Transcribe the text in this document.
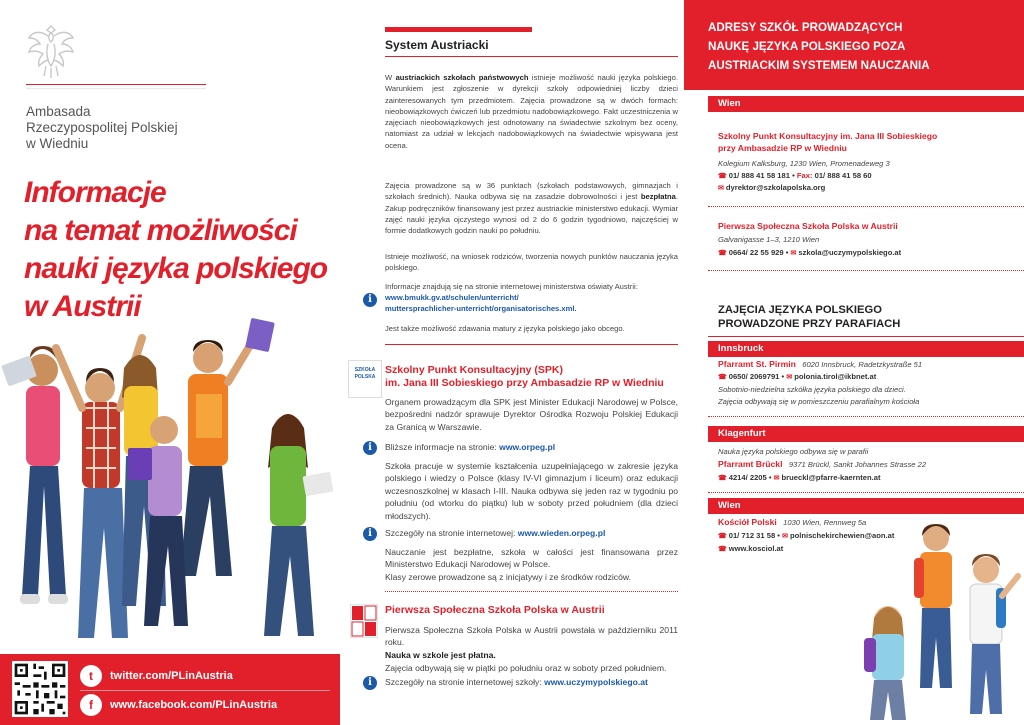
Ambasada
Rzeczypospolitej Polskiej
w Wiedniu
Informacje
na temat możliwości
nauki języka polskiego
w Austrii
t	twitter.com/PLinAustria
f	www.facebook.com/PLinAustria
System Austriacki

W austriackich szkołach państwowych istnieje możliwość nauki języka polskiego. Warunkiem jest zgłoszenie w dyrekcji szkoły odpowiedniej liczby dzieci zainteresowanych tym przedmiotem. Zajęcia prowadzone są w dwóch formach: nieobowiązkowych ćwiczeń lub przedmiotu nadobowiązkowego. Fakt uczestniczenia w zajęciach nieobowiązkowych jest odnotowany na świadectwie szkolnym bez oceny, natomiast za udział w lekcjach nadobowiązkowych na świadectwie wpisywana jest ocena.

Zajęcia prowadzone są w 36 punktach (szkołach podstawowych, gimnazjach i szkołach średnich). Nauka odbywa się na zasadzie dobrowolności i jest bezpłatna. Zakup podręczników finansowany jest przez austriackie ministerstwo edukacji. Wymiar zajęć nauki języka ojczystego wynosi od 2 do 6 godzin tygodniowo, najczęściej w formie dodatkowych godzin nauki po południu.

Istnieje możliwość, na wniosek rodziców, tworzenia nowych punktów nauczania języka polskiego.

Informacje znajdują się na stronie internetowej ministerstwa oświaty Austrii:

i	www.bmukk.gv.at/schulen/unterricht/
muttersprachlicher-unterricht/organisatorisches.xml.

Jest także możliwość zdawania matury z języka polskiego jako obcego.

SZKOŁA POLSKA
Szkolny Punkt Konsultacyjny (SPK)
im. Jana III Sobieskiego przy Ambasadzie RP w Wiedniu

Organem prowadzącym dla SPK jest Minister Edukacji Narodowej w Polsce, bezpośredni nadzór sprawuje Dyrektor Ośrodka Rozwoju Polskiej Edukacji za Granicą w Warszawie.

i	Bliższe informacje na stronie: www.orpeg.pl

Szkoła pracuje w systemie kształcenia uzupełniającego w zakresie języka polskiego i wiedzy o Polsce (klasy IV-VI gimnazjum i liceum) oraz edukacji wczesnoszkolnej w klasach I-III. Nauka odbywa się jeden raz w tygodniu po południu (od wtorku do piątku) lub w soboty przed południem (dla dzieci młodszych).

i	Szczegóły na stronie internetowej: www.wieden.orpeg.pl

Nauczanie jest bezpłatne, szkoła w całości jest finansowana przez Ministerstwo Edukacji Narodowej w Polsce.

Klasy zerowe prowadzone są z inicjatywy i ze środków rodziców.

Pierwsza Społeczna Szkoła Polska w Austrii

Pierwsza Społeczna Szkoła Polska w Austrii powstała w październiku 2011 roku.

Nauka w szkole jest płatna.

Zajęcia odbywają się w piątki po południu oraz w soboty przed południem.

i	Szczegóły na stronie internetowej szkoły: www.uczymypolskiego.at

ADRESY SZKÓŁ PROWADZĄCYCH
NAUKĘ JĘZYKA POLSKIEGO POZA
AUSTRIACKIM SYSTEMEM NAUCZANIA
Wien
Szkolny Punkt Konsultacyjny im. Jana III Sobieskiego
przy Ambasadzie RP w Wiedniu
Kolegium Kalksburg, 1230 Wien, Promenadeweg 3
☎ 01/ 888 41 58 181 • Fax: 01/ 888 41 58 60
✉ dyrektor@szkolapolska.org
Pierwsza Społeczna Szkoła Polska w Austrii
Galvanigasse 1–3, 1210 Wien
☎ 0664/ 22 55 929 • ✉ szkola@uczymypolskiego.at
ZAJĘCIA JĘZYKA POLSKIEGO
PROWADZONE PRZY PARAFIACH
Innsbruck
Pfarramt St. Pirmin 6020 Innsbruck, Radetzkystraße 51
☎ 0650/ 2069791 • ✉ polonia.tirol@ikbnet.at
Sobotnio-niedzielna szkółka języka polskiego dla dzieci.
Zajęcia odbywają się w pomieszczeniu parafialnym kościoła
Klagenfurt
Nauka języka polskiego odbywa się w parafii
Pfarramt Brückl 9371 Brückl, Sankt Johannes Strasse 22
☎ 4214/ 2205 • ✉ brueckl@pfarre-kaernten.at
Wien
Kościół Polski 1030 Wien, Rennweg 5a
☎ 01/ 712 31 58 • ✉ polnischekirchewien@aon.at
☎ www.kosciol.at
